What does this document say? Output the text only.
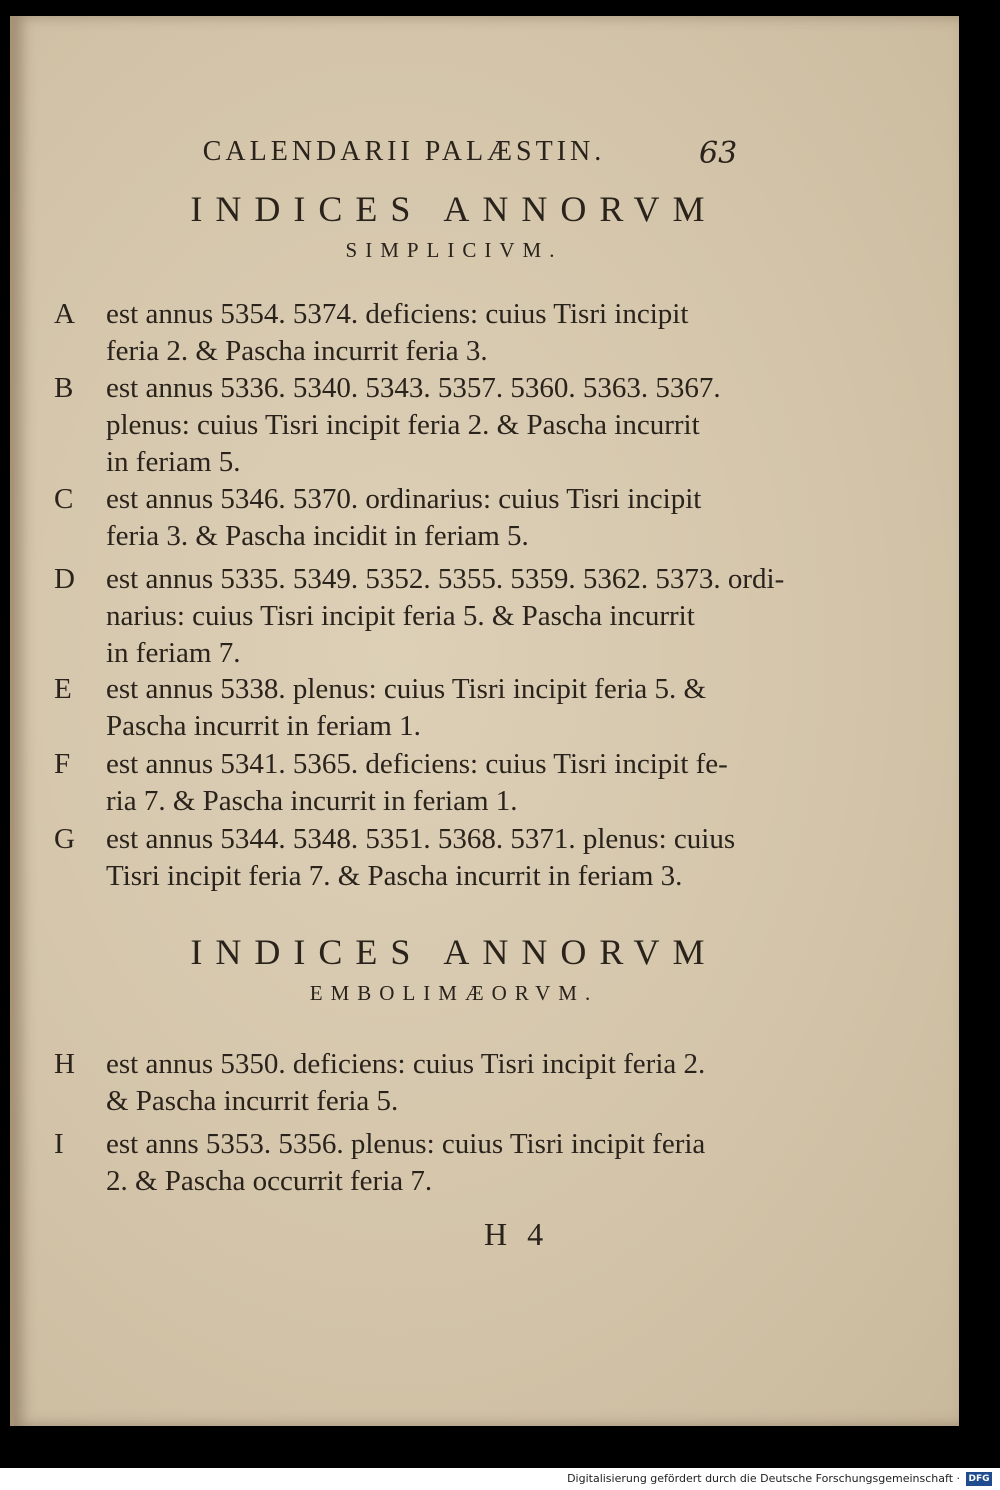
CALENDARII PALÆSTIN.	63
INDICES ANNORVM
SIMPLICIVM.
A	est annus 5354. 5374. deficiens: cuius Tisri incipit
feria 2. & Pascha incurrit feria 3.
B	est annus 5336. 5340. 5343. 5357. 5360. 5363. 5367.
plenus: cuius Tisri incipit feria 2. & Pascha incurrit
in feriam 5.
C	est annus 5346. 5370. ordinarius: cuius Tisri incipit
feria 3. & Pascha incidit in feriam 5.
D	est annus 5335. 5349. 5352. 5355. 5359. 5362. 5373. ordi-
narius: cuius Tisri incipit feria 5. & Pascha incurrit
in feriam 7.
E	est annus 5338. plenus: cuius Tisri incipit feria 5. &
Pascha incurrit in feriam 1.
F	est annus 5341. 5365. deficiens: cuius Tisri incipit fe-
ria 7. & Pascha incurrit in feriam 1.
G	est annus 5344. 5348. 5351. 5368. 5371. plenus: cuius
Tisri incipit feria 7. & Pascha incurrit in feriam 3.
INDICES ANNORVM
EMBOLIMÆORVM.
H	est annus 5350. deficiens: cuius Tisri incipit feria 2.
& Pascha incurrit feria 5.
I	est anns 5353. 5356. plenus: cuius Tisri incipit feria
2. & Pascha occurrit feria 7.
H 4
Digitalisierung gefördert durch die Deutsche Forschungsgemeinschaft · DFG
